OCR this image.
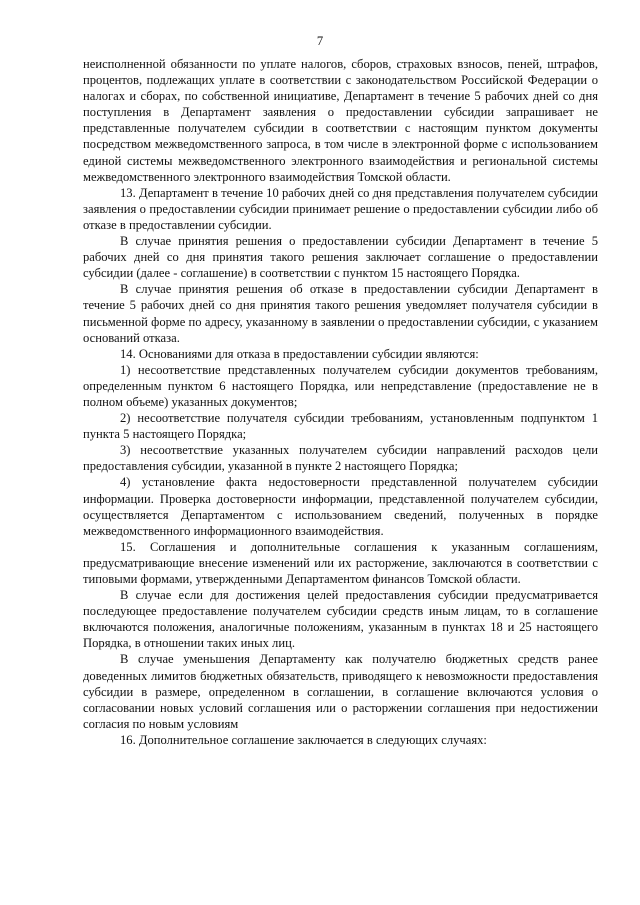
7

неисполненной обязанности по уплате налогов, сборов, страховых взносов, пеней, штрафов, процентов, подлежащих уплате в соответствии с законодательством Российской Федерации о налогах и сборах, по собственной инициативе, Департамент в течение 5 рабочих дней со дня поступления в Департамент заявления о предоставлении субсидии запрашивает не представленные получателем субсидии в соответствии с настоящим пунктом документы посредством межведомственного запроса, в том числе в электронной форме с использованием единой системы межведомственного электронного взаимодействия и региональной системы межведомственного электронного взаимодействия Томской области.

13. Департамент в течение 10 рабочих дней со дня представления получателем субсидии заявления о предоставлении субсидии принимает решение о предоставлении субсидии либо об отказе в предоставлении субсидии.

В случае принятия решения о предоставлении субсидии Департамент в течение 5 рабочих дней со дня принятия такого решения заключает соглашение о предоставлении субсидии (далее - соглашение) в соответствии с пунктом 15 настоящего Порядка.

В случае принятия решения об отказе в предоставлении субсидии Департамент в течение 5 рабочих дней со дня принятия такого решения уведомляет получателя субсидии в письменной форме по адресу, указанному в заявлении о предоставлении субсидии, с указанием оснований отказа.

14. Основаниями для отказа в предоставлении субсидии являются:

1) несоответствие представленных получателем субсидии документов требованиям, определенным пунктом 6 настоящего Порядка, или непредставление (предоставление не в полном объеме) указанных документов;

2) несоответствие получателя субсидии требованиям, установленным подпунктом 1 пункта 5 настоящего Порядка;

3) несоответствие указанных получателем субсидии направлений расходов цели предоставления субсидии, указанной в пункте 2 настоящего Порядка;

4) установление факта недостоверности представленной получателем субсидии информации. Проверка достоверности информации, представленной получателем субсидии, осуществляется Департаментом с использованием сведений, полученных в порядке межведомственного информационного взаимодействия.

15. Соглашения и дополнительные соглашения к указанным соглашениям, предусматривающие внесение изменений или их расторжение, заключаются в соответствии с типовыми формами, утвержденными Департаментом финансов Томской области.

В случае если для достижения целей предоставления субсидии предусматривается последующее предоставление получателем субсидии средств иным лицам, то в соглашение включаются положения, аналогичные положениям, указанным в пунктах 18 и 25 настоящего Порядка, в отношении таких иных лиц.

В случае уменьшения Департаменту как получателю бюджетных средств ранее доведенных лимитов бюджетных обязательств, приводящего к невозможности предоставления субсидии в размере, определенном в соглашении, в соглашение включаются условия о согласовании новых условий соглашения или о расторжении соглашения при недостижении согласия по новым условиям

16. Дополнительное соглашение заключается в следующих случаях:
